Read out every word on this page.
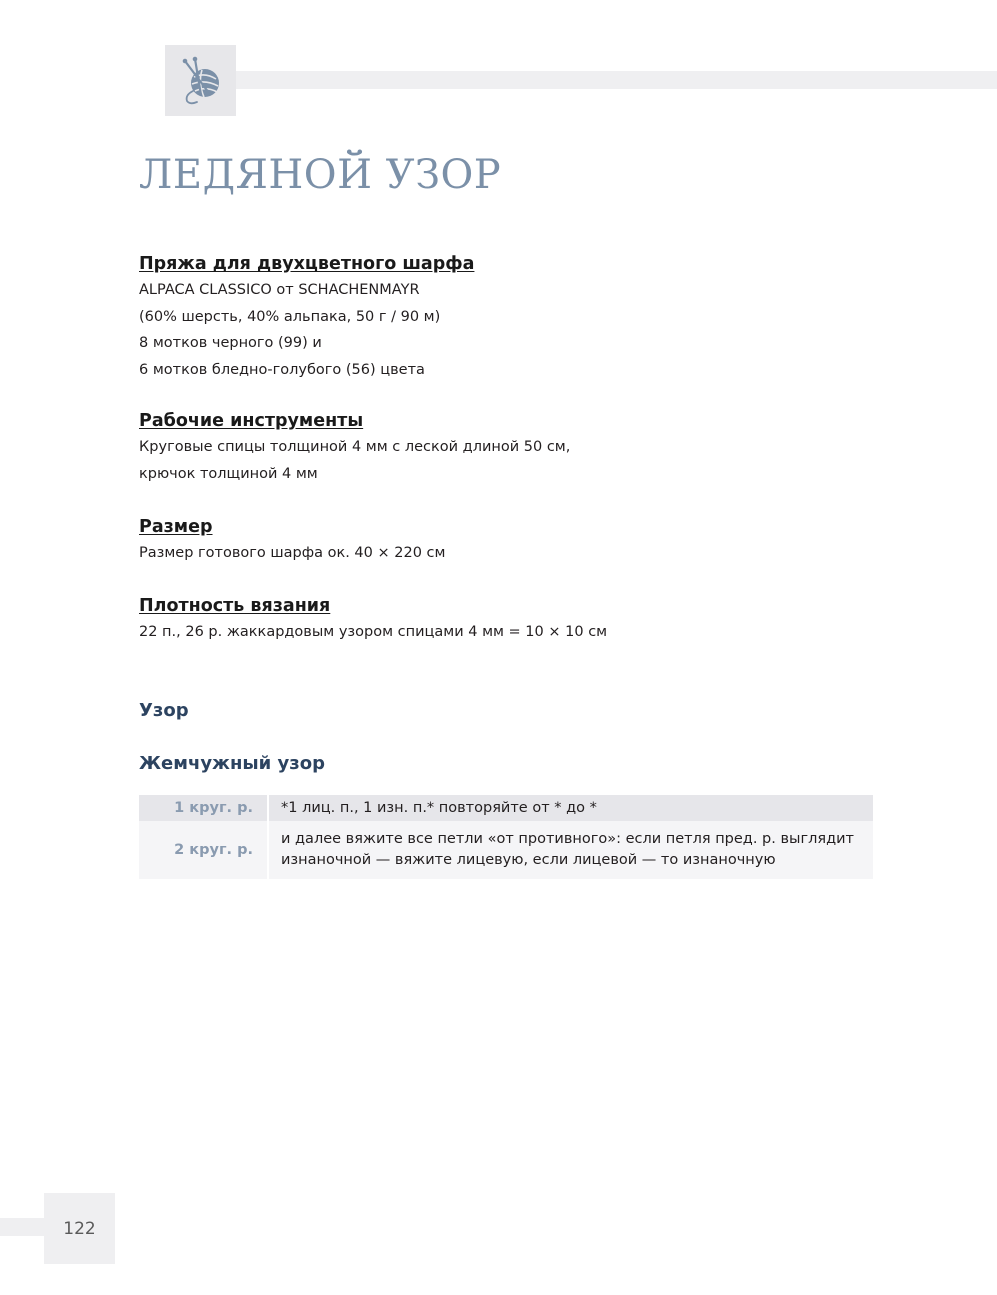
ЛЕДЯНОЙ УЗОР
Пряжа для двухцветного шарфа

ALPACA CLASSICO от SCHACHENMAYR

(60% шерсть, 40% альпака, 50 г / 90 м)

8 мотков черного (99) и

6 мотков бледно-голубого (56) цвета

Рабочие инструменты

Круговые спицы толщиной 4 мм с леской длиной 50 см,

крючок толщиной 4 мм

Размер

Размер готового шарфа ок. 40 × 220 см

Плотность вязания

22 п., 26 р. жаккардовым узором спицами 4 мм = 10 × 10 см

Узор
Жемчужный узор
1 круг. р.	*1 лиц. п., 1 изн. п.* повторяйте от * до *
2 круг. р.
и далее вяжите все петли «от противного»: если петля пред. р. выглядит изнаночной — вяжите лицевую, если лицевой — то изнаночную
122
